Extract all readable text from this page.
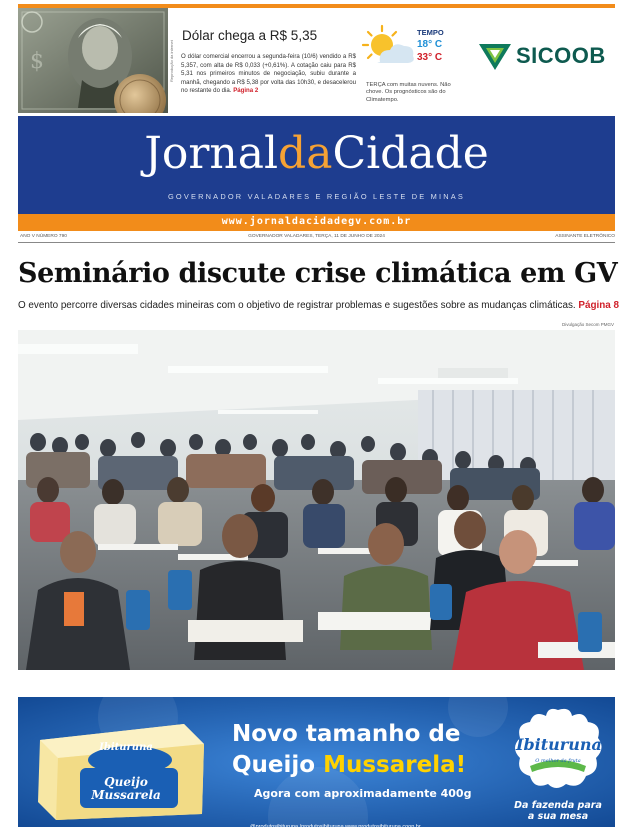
$	Reprodução da internet
Dólar chega a R$ 5,35
O dólar comercial encerrou a segunda-feira (10/6) vendido a R$ 5,357, com alta de R$ 0,033 (+0,61%). A cotação caiu para R$ 5,31 nos primeiros minutos de negociação, subiu durante a manhã, chegando a R$ 5,38 por volta das 10h30, e desacelerou no restante do dia. Página 2
TEMPO
18° C
33° C
TERÇA com muitas nuvens. Não chove. Os prognósticos são do Climatempo.
SICOOB
JornaldaCidade
GOVERNADOR VALADARES E REGIÃO LESTE DE MINAS
www.jornaldacidadegv.com.br
ANO V NÚMERO 790	GOVERNADOR VALADARES, TERÇA, 11 DE JUNHO DE 2024	ASSINANTE ELETRÔNICO
Seminário discute crise climática em GV
O evento percorre diversas cidades mineiras com o objetivo de registrar problemas e sugestões sobre as mudanças climáticas. Página 8
Divulgação Secom PMGV
Ibituruna
Queijo
Mussarela
Novo tamanho de
Queijo Mussarela!
Agora com aproximadamente 400g
Ibituruna
O melhor da fruta
Da fazenda para a sua mesa
@produtosibituruna /produtosibituruna www.produtosibituruna.coop.br
